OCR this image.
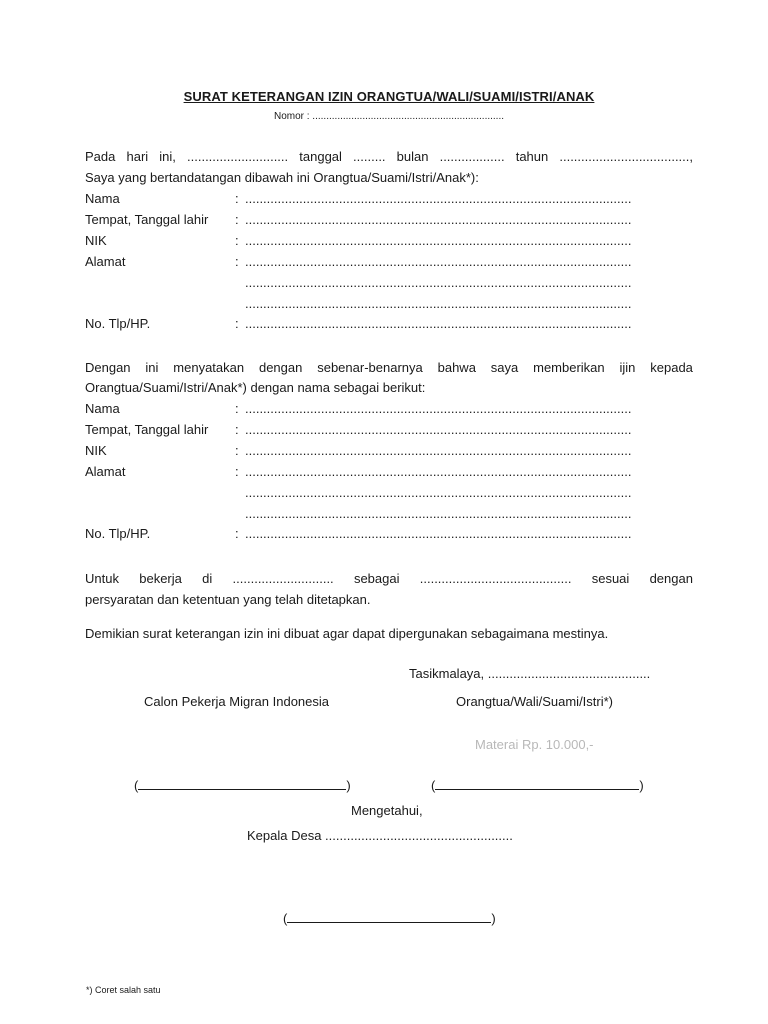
SURAT KETERANGAN IZIN ORANGTUA/WALI/SUAMI/ISTRI/ANAK
Nomor : .....................................................................
Pada hari ini, ............................ tanggal ......... bulan .................. tahun ....................................,
Saya yang bertandatangan dibawah ini Orangtua/Suami/Istri/Anak*):
Nama	: ...........................................................................................................
Tempat, Tanggal lahir : ...........................................................................................................
NIK	: ...........................................................................................................
Alamat	: ...........................................................................................................
...........................................................................................................
...........................................................................................................
No. Tlp/HP.	: ...........................................................................................................
Dengan ini menyatakan dengan sebenar-benarnya bahwa saya memberikan ijin kepada
Orangtua/Suami/Istri/Anak*) dengan nama sebagai berikut:
Nama	: ...........................................................................................................
Tempat, Tanggal lahir : ...........................................................................................................
NIK	: ...........................................................................................................
Alamat	: ...........................................................................................................
...........................................................................................................
...........................................................................................................
No. Tlp/HP.	: ...........................................................................................................
Untuk bekerja di ............................ sebagai .......................................... sesuai dengan
persyaratan dan ketentuan yang telah ditetapkan.
Demikian surat keterangan izin ini dibuat agar dapat dipergunakan sebagaimana mestinya.
Tasikmalaya, .............................................
Calon Pekerja Migran Indonesia	Orangtua/Wali/Suami/Istri*)
Materai Rp. 10.000,-
(	)	(	)
Mengetahui,
Kepala Desa ....................................................
(	)
*) Coret salah satu
